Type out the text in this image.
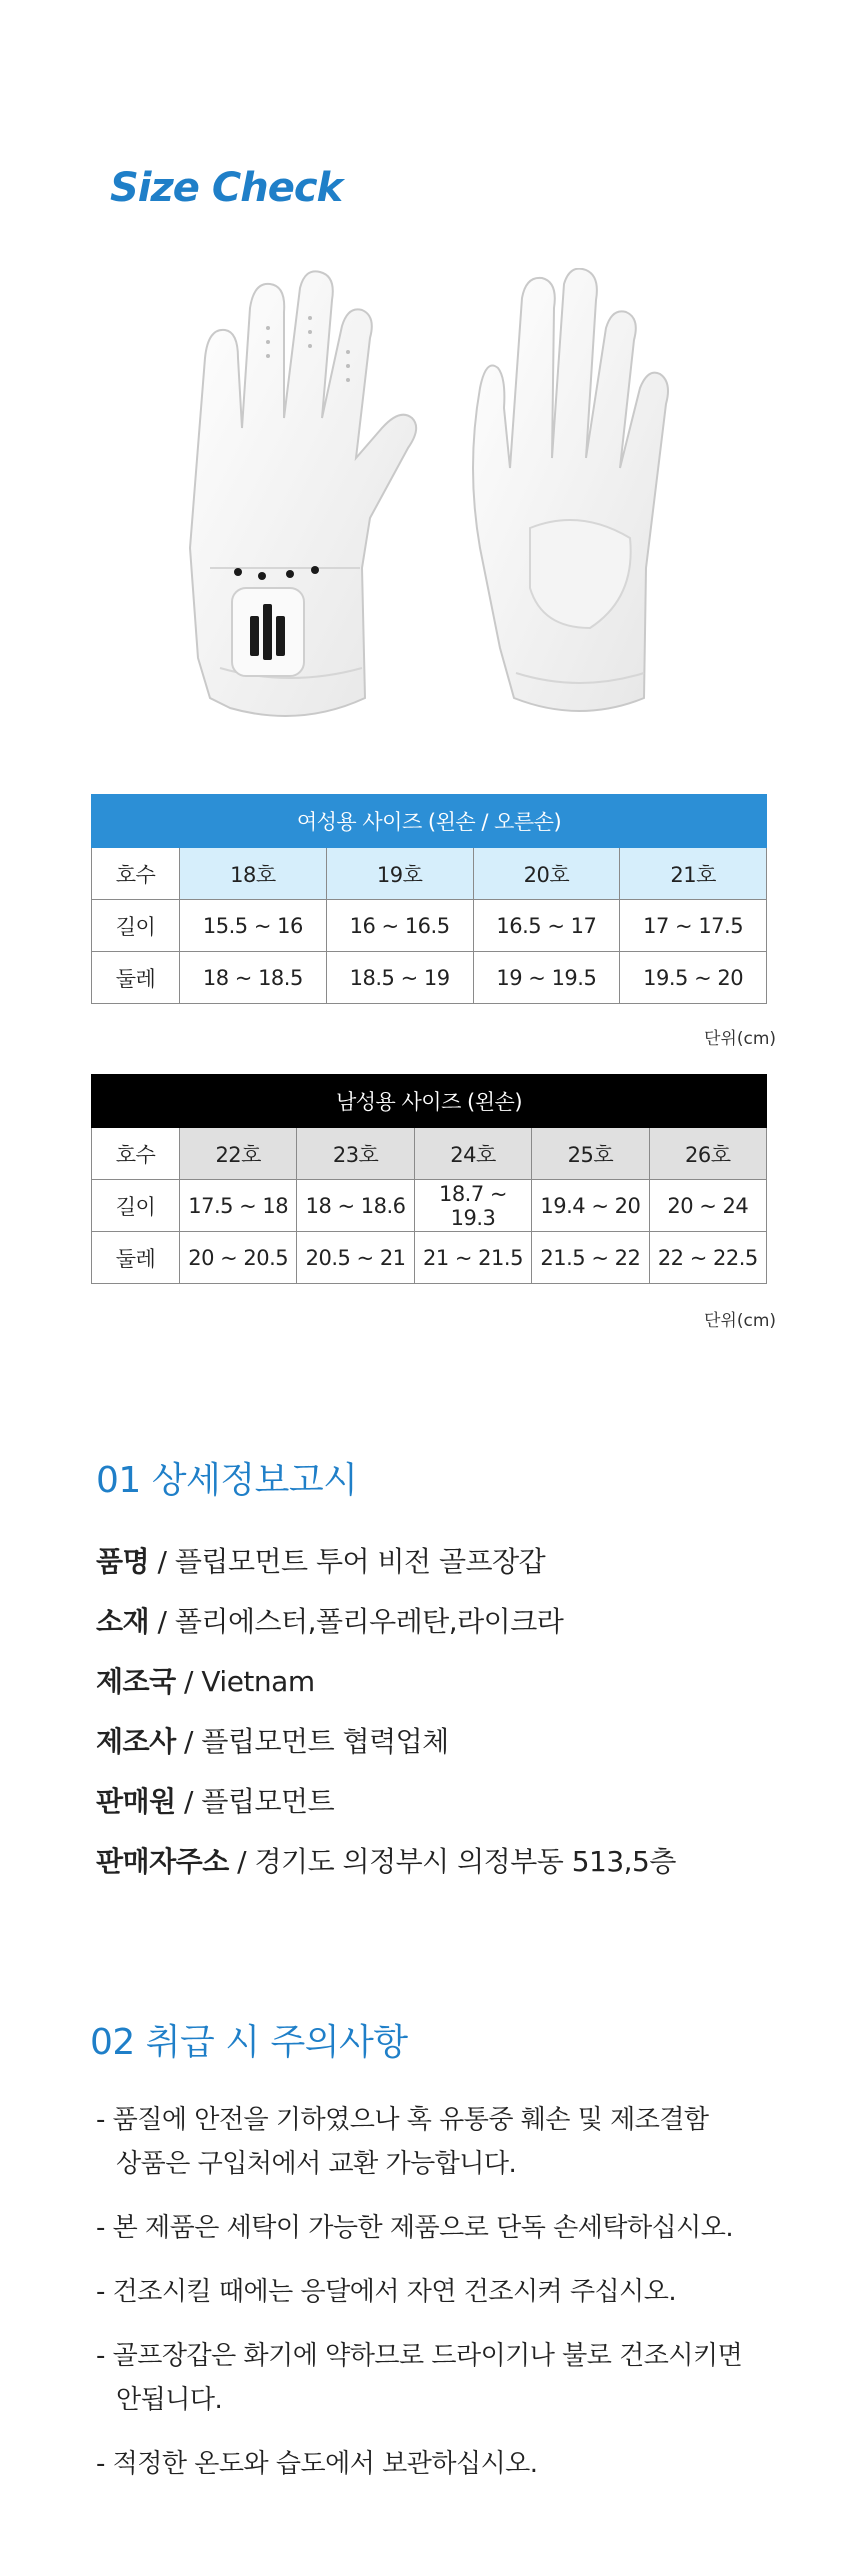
Size Check
여성용 사이즈 (왼손 / 오른손)				
호수	18호	19호	20호	21호
길이	15.5 ~ 16	16 ~ 16.5	16.5 ~ 17	17 ~ 17.5
둘레	18 ~ 18.5	18.5 ~ 19	19 ~ 19.5	19.5 ~ 20
단위(cm)
남성용 사이즈 (왼손)					
호수	22호	23호	24호	25호	26호
길이	17.5 ~ 18	18 ~ 18.6	18.7 ~ 19.3	19.4 ~ 20	20 ~ 24
둘레	20 ~ 20.5	20.5 ~ 21	21 ~ 21.5	21.5 ~ 22	22 ~ 22.5
단위(cm)
01 상세정보고시
품명 / 플립모먼트 투어 비전 골프장갑
소재 / 폴리에스터,폴리우레탄,라이크라
제조국 / Vietnam
제조사 / 플립모먼트 협력업체
판매원 / 플립모먼트
판매자주소 / 경기도 의정부시 의정부동 513,5층
02 취급 시 주의사항
- 품질에 안전을 기하였으나 혹 유통중 훼손 및 제조결함
상품은 구입처에서 교환 가능합니다.
- 본 제품은 세탁이 가능한 제품으로 단독 손세탁하십시오.
- 건조시킬 때에는 응달에서 자연 건조시켜 주십시오.
- 골프장갑은 화기에 약하므로 드라이기나 불로 건조시키면
안됩니다.
- 적정한 온도와 습도에서 보관하십시오.
